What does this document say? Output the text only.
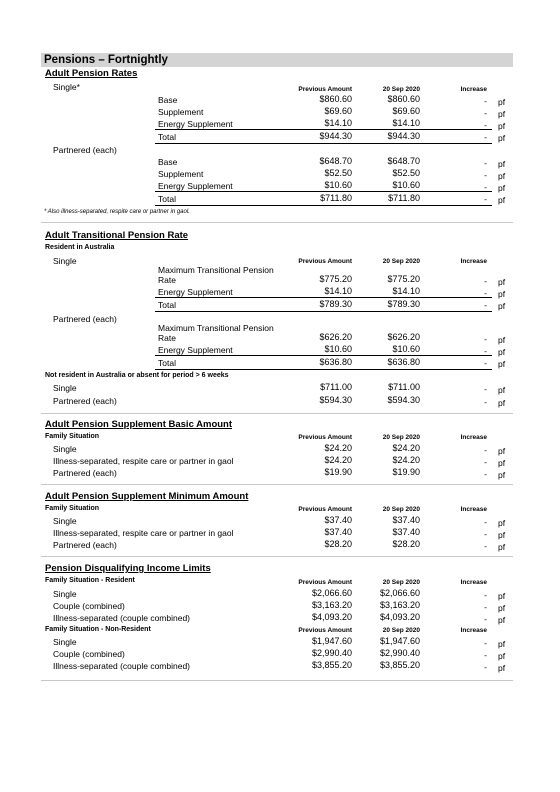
Pensions – Fortnightly
Adult Pension Rates
Single*	Previous Amount	20 Sep 2020	Increase
Base	$860.60	$860.60	- pf
Supplement	$69.60	$69.60	- pf
Energy Supplement	$14.10	$14.10	- pf
Total	$944.30	$944.30	- pf
Partnered (each)
Base	$648.70	$648.70	- pf
Supplement	$52.50	$52.50	- pf
Energy Supplement	$10.60	$10.60	- pf
Total	$711.80	$711.80	- pf
* Also illness-separated, respite care or partner in gaol.
Adult Transitional Pension Rate
Resident in Australia
Single	Previous Amount	20 Sep 2020	Increase
Maximum Transitional Pension
Rate	$775.20	$775.20	- pf
Energy Supplement	$14.10	$14.10	- pf
Total	$789.30	$789.30	- pf
Partnered (each)
Maximum Transitional Pension
Rate	$626.20	$626.20	- pf
Energy Supplement	$10.60	$10.60	- pf
Total	$636.80	$636.80	- pf
Not resident in Australia or absent for period > 6 weeks
Single	$711.00	$711.00	- pf
Partnered (each)	$594.30	$594.30	- pf
Adult Pension Supplement Basic Amount
Family Situation	Previous Amount	20 Sep 2020	Increase
Single	$24.20	$24.20	- pf
Illness-separated, respite care or partner in gaol	$24.20	$24.20	- pf
Partnered (each)	$19.90	$19.90	- pf
Adult Pension Supplement Minimum Amount
Family Situation	Previous Amount	20 Sep 2020	Increase
Single	$37.40	$37.40	- pf
Illness-separated, respite care or partner in gaol	$37.40	$37.40	- pf
Partnered (each)	$28.20	$28.20	- pf
Pension Disqualifying Income Limits
Family Situation - Resident	Previous Amount	20 Sep 2020	Increase
Single	$2,066.60	$2,066.60	- pf
Couple (combined)	$3,163.20	$3,163.20	- pf
Illness-separated (couple combined)	$4,093.20	$4,093.20	- pf
Family Situation - Non-Resident	Previous Amount	20 Sep 2020	Increase
Single	$1,947.60	$1,947.60	- pf
Couple (combined)	$2,990.40	$2,990.40	- pf
Illness-separated (couple combined)	$3,855.20	$3,855.20	- pf
